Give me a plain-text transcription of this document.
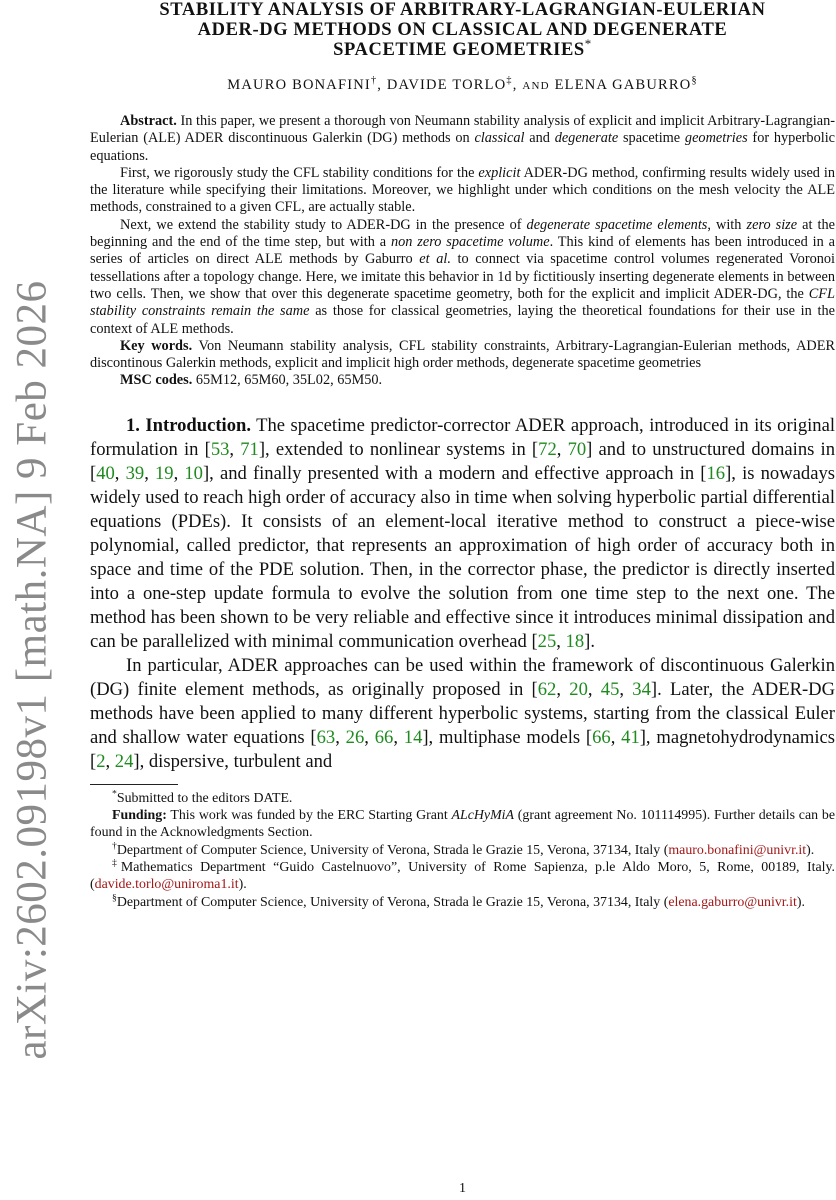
arXiv:2602.09198v1 [math.NA] 9 Feb 2026
STABILITY ANALYSIS OF ARBITRARY-LAGRANGIAN-EULERIAN
ADER-DG METHODS ON CLASSICAL AND DEGENERATE
SPACETIME GEOMETRIES*
MAURO BONAFINI†, DAVIDE TORLO‡, AND ELENA GABURRO§

Abstract. In this paper, we present a thorough von Neumann stability analysis of explicit and implicit Arbitrary-Lagrangian-Eulerian (ALE) ADER discontinuous Galerkin (DG) methods on classical and degenerate spacetime geometries for hyperbolic equations.

First, we rigorously study the CFL stability conditions for the explicit ADER-DG method, confirming results widely used in the literature while specifying their limitations. Moreover, we highlight under which conditions on the mesh velocity the ALE methods, constrained to a given CFL, are actually stable.

Next, we extend the stability study to ADER-DG in the presence of degenerate spacetime elements, with zero size at the beginning and the end of the time step, but with a non zero spacetime volume. This kind of elements has been introduced in a series of articles on direct ALE methods by Gaburro et al. to connect via spacetime control volumes regenerated Voronoi tessellations after a topology change. Here, we imitate this behavior in 1d by fictitiously inserting degenerate elements in between two cells. Then, we show that over this degenerate spacetime geometry, both for the explicit and implicit ADER-DG, the CFL stability constraints remain the same as those for classical geometries, laying the theoretical foundations for their use in the context of ALE methods.

Key words. Von Neumann stability analysis, CFL stability constraints, Arbitrary-Lagrangian-Eulerian methods, ADER discontinous Galerkin methods, explicit and implicit high order methods, degenerate spacetime geometries

MSC codes. 65M12, 65M60, 35L02, 65M50.

1. Introduction. The spacetime predictor-corrector ADER approach, introduced in its original formulation in [53, 71], extended to nonlinear systems in [72, 70] and to unstructured domains in [40, 39, 19, 10], and finally presented with a modern and effective approach in [16], is nowadays widely used to reach high order of accuracy also in time when solving hyperbolic partial differential equations (PDEs). It consists of an element-local iterative method to construct a piece-wise polynomial, called predictor, that represents an approximation of high order of accuracy both in space and time of the PDE solution. Then, in the corrector phase, the predictor is directly inserted into a one-step update formula to evolve the solution from one time step to the next one. The method has been shown to be very reliable and effective since it introduces minimal dissipation and can be parallelized with minimal communication overhead [25, 18].

In particular, ADER approaches can be used within the framework of discontinuous Galerkin (DG) finite element methods, as originally proposed in [62, 20, 45, 34]. Later, the ADER-DG methods have been applied to many different hyperbolic systems, starting from the classical Euler and shallow water equations [63, 26, 66, 14], multiphase models [66, 41], magnetohydrodynamics [2, 24], dispersive, turbulent and

*Submitted to the editors DATE.

Funding: This work was funded by the ERC Starting Grant ALcHyMiA (grant agreement No. 101114995). Further details can be found in the Acknowledgments Section.

†Department of Computer Science, University of Verona, Strada le Grazie 15, Verona, 37134, Italy (mauro.bonafini@univr.it).

‡Mathematics Department “Guido Castelnuovo”, University of Rome Sapienza, p.le Aldo Moro, 5, Rome, 00189, Italy. (davide.torlo@uniroma1.it).

§Department of Computer Science, University of Verona, Strada le Grazie 15, Verona, 37134, Italy (elena.gaburro@univr.it).

1
